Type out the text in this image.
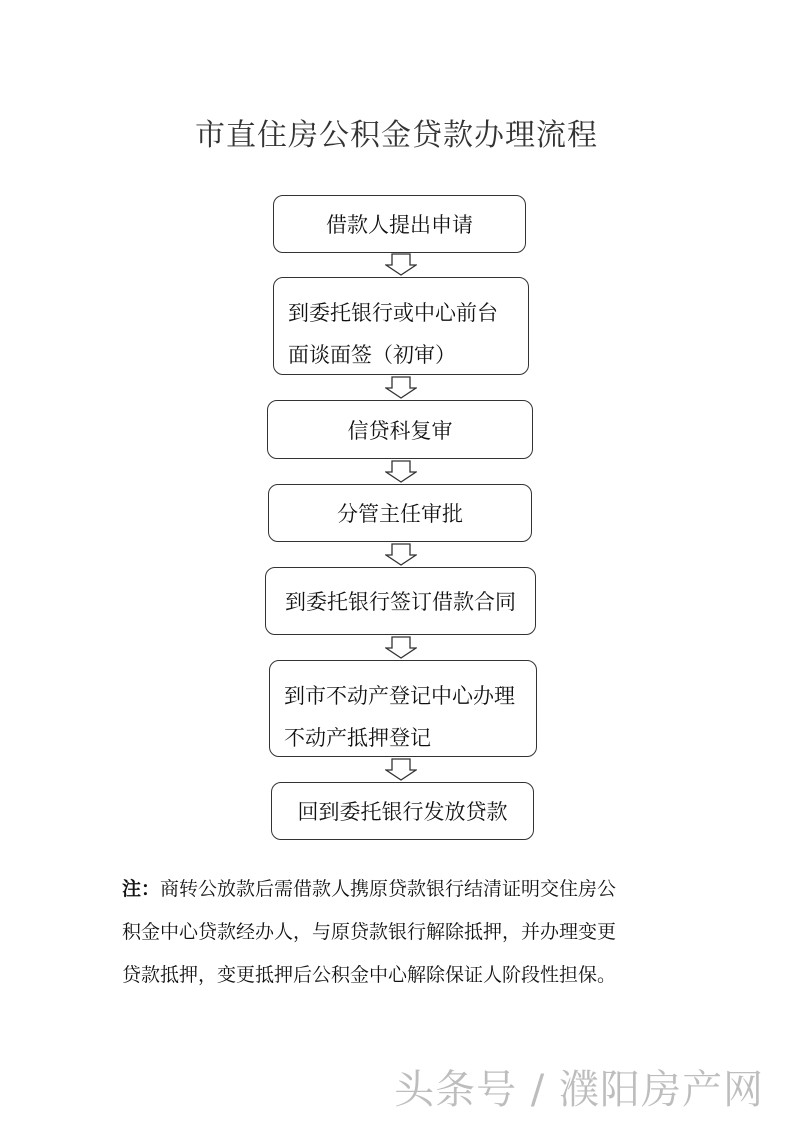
市直住房公积金贷款办理流程
借款人提出申请
到委托银行或中心前台
面谈面签（初审）
信贷科复审
分管主任审批
到委托银行签订借款合同
到市不动产登记中心办理
不动产抵押登记
回到委托银行发放贷款
注：商转公放款后需借款人携原贷款银行结清证明交住房公
积金中心贷款经办人，与原贷款银行解除抵押，并办理变更
贷款抵押，变更抵押后公积金中心解除保证人阶段性担保。
头条号 / 濮阳房产网
